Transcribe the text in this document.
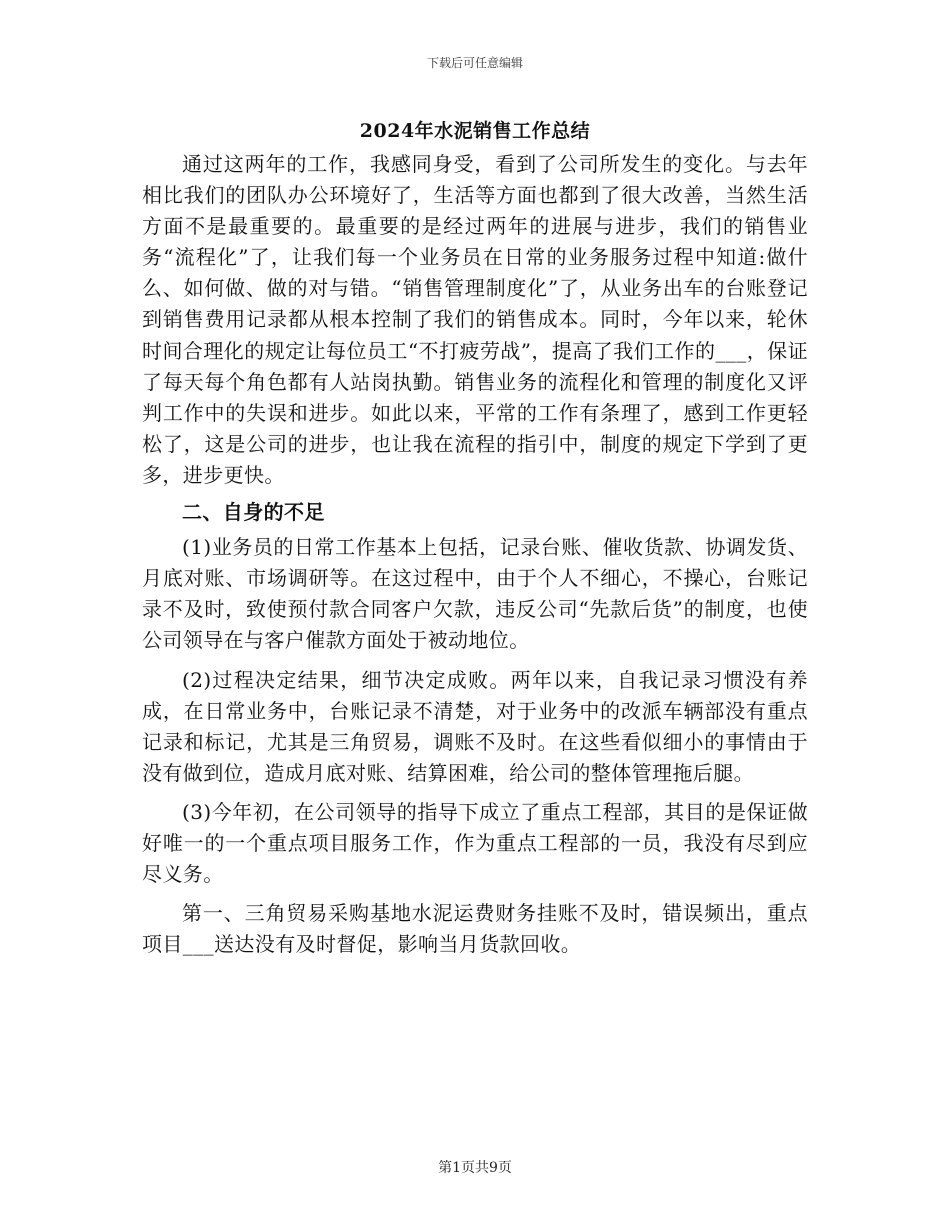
下载后可任意编辑
2024年水泥销售工作总结

通过这两年的工作，我感同身受，看到了公司所发生的变化。与去年相比我们的团队办公环境好了，生活等方面也都到了很大改善，当然生活方面不是最重要的。最重要的是经过两年的进展与进步，我们的销售业务“流程化”了，让我们每一个业务员在日常的业务服务过程中知道:做什么、如何做、做的对与错。“销售管理制度化”了，从业务出车的台账登记到销售费用记录都从根本控制了我们的销售成本。同时，今年以来，轮休时间合理化的规定让每位员工“不打疲劳战”，提高了我们工作的___，保证了每天每个角色都有人站岗执勤。销售业务的流程化和管理的制度化又评判工作中的失误和进步。如此以来，平常的工作有条理了，感到工作更轻松了，这是公司的进步，也让我在流程的指引中，制度的规定下学到了更多，进步更快。

二、自身的不足

(1)业务员的日常工作基本上包括，记录台账、催收货款、协调发货、月底对账、市场调研等。在这过程中，由于个人不细心，不操心，台账记录不及时，致使预付款合同客户欠款，违反公司“先款后货”的制度，也使公司领导在与客户催款方面处于被动地位。

(2)过程决定结果，细节决定成败。两年以来，自我记录习惯没有养成，在日常业务中，台账记录不清楚，对于业务中的改派车辆部没有重点记录和标记，尤其是三角贸易，调账不及时。在这些看似细小的事情由于没有做到位，造成月底对账、结算困难，给公司的整体管理拖后腿。

(3)今年初，在公司领导的指导下成立了重点工程部，其目的是保证做好唯一的一个重点项目服务工作，作为重点工程部的一员，我没有尽到应尽义务。

第一、三角贸易采购基地水泥运费财务挂账不及时，错误频出，重点项目___送达没有及时督促，影响当月货款回收。

第1页共9页
